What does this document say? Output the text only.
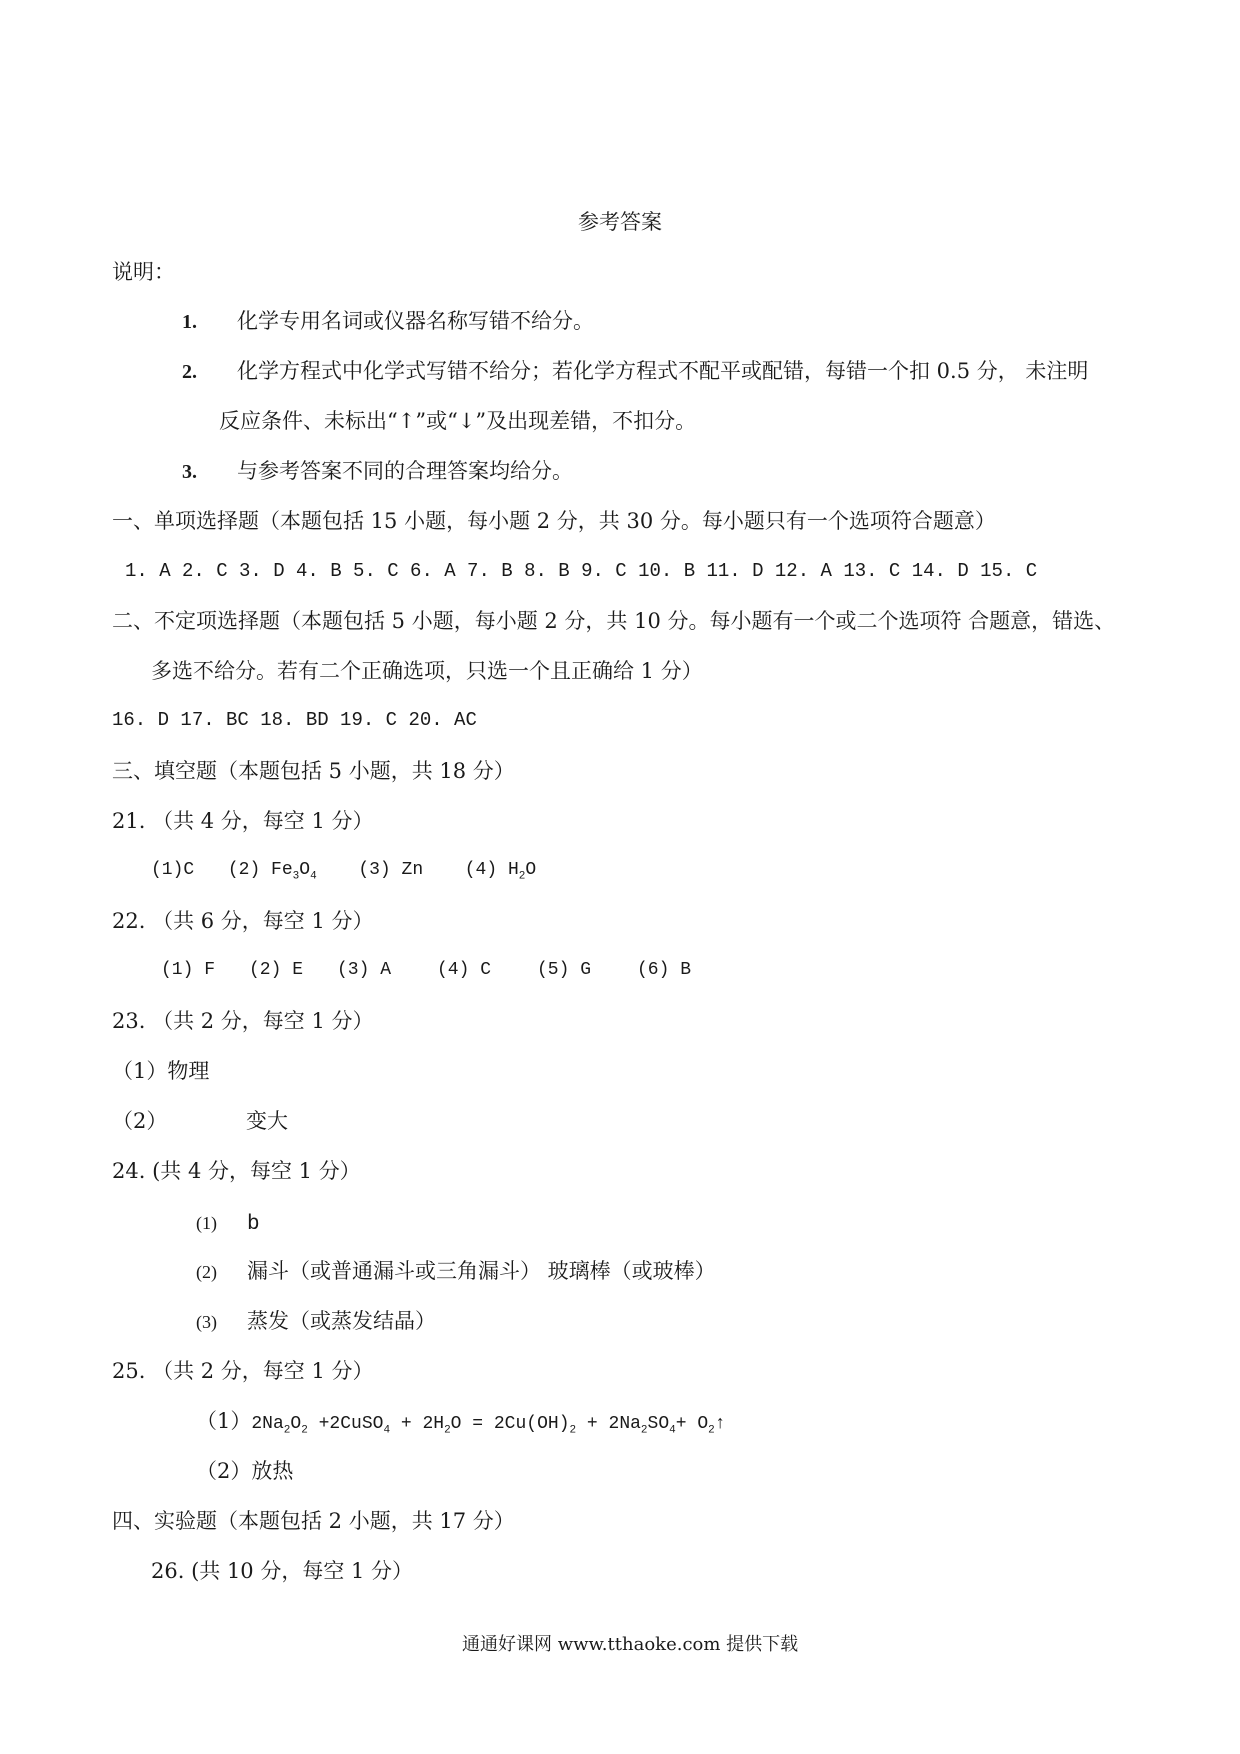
参考答案
说明：
1. 化学专用名词或仪器名称写错不给分。
2. 化学方程式中化学式写错不给分；若化学方程式不配平或配错，每错一个扣 0.5 分， 未注明
反应条件、未标出“↑”或“↓”及出现差错，不扣分。
3. 与参考答案不同的合理答案均给分。
一、单项选择题（本题包括 15 小题，每小题 2 分，共 30 分。每小题只有一个选项符合题意）
1. A 2. C 3. D 4. B 5. C 6. A 7. B 8. B 9. C 10. B 11. D 12. A 13. C 14. D 15. C
二、不定项选择题（本题包括 5 小题，每小题 2 分，共 10 分。每小题有一个或二个选项符 合题意，错选、
多选不给分。若有二个正确选项，只选一个且正确给 1 分）
16. D 17. BC 18. BD 19. C 20. AC
三、填空题（本题包括 5 小题，共 18 分）
21. （共 4 分，每空 1 分）
(1)C (2) $Fe_3O_4$ (3) Zn (4) $H_2O$
22. （共 6 分，每空 1 分）
(1) F (2) E (3) A	(4) C	(5) G	(6) B
23. （共 2 分，每空 1 分）
（1）物理
（2）	变大
24. (共 4 分，每空 1 分）
(1) b
(2) 漏斗（或普通漏斗或三角漏斗） 玻璃棒（或玻棒）
(3) 蒸发（或蒸发结晶）
25. （共 2 分，每空 1 分）
$(1)2Na_2O_2$ +2CuSO$_4$ + $2H_2O = 2Cu(OH)_2 + 2Na_2SO_4+$ $O_2↑$
（2）放热
四、实验题（本题包括 2 小题，共 17 分）
26. (共 10 分，每空 1 分）
通通好课网 www.tthaoke.com 提供下载
